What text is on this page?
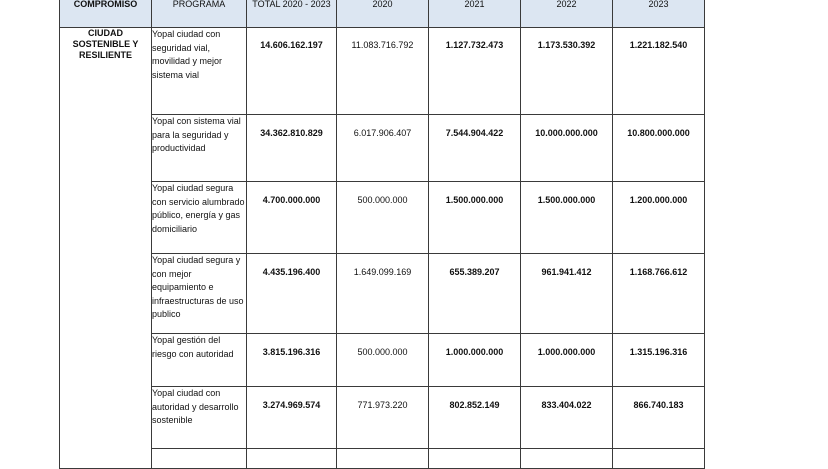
COMPROMISO	PROGRAMA	TOTAL 2020 - 2023	2020	2021	2022	2023
CIUDAD SOSTENIBLE Y RESILIENTE	Yopal ciudad con seguridad vial, movilidad y mejor sistema vial	14.606.162.197	11.083.716.792	1.127.732.473	1.173.530.392	1.221.182.540
	Yopal con sistema vial para la seguridad y productividad	34.362.810.829	6.017.906.407	7.544.904.422	10.000.000.000	10.800.000.000
	Yopal ciudad segura con servicio alumbrado público, energía y gas domiciliario	4.700.000.000	500.000.000	1.500.000.000	1.500.000.000	1.200.000.000
	Yopal ciudad segura y con mejor equipamiento e infraestructuras de uso publico	4.435.196.400	1.649.099.169	655.389.207	961.941.412	1.168.766.612
	Yopal gestión del riesgo con autoridad	3.815.196.316	500.000.000	1.000.000.000	1.000.000.000	1.315.196.316
	Yopal ciudad con autoridad y desarrollo sostenible	3.274.969.574	771.973.220	802.852.149	833.404.022	866.740.183
